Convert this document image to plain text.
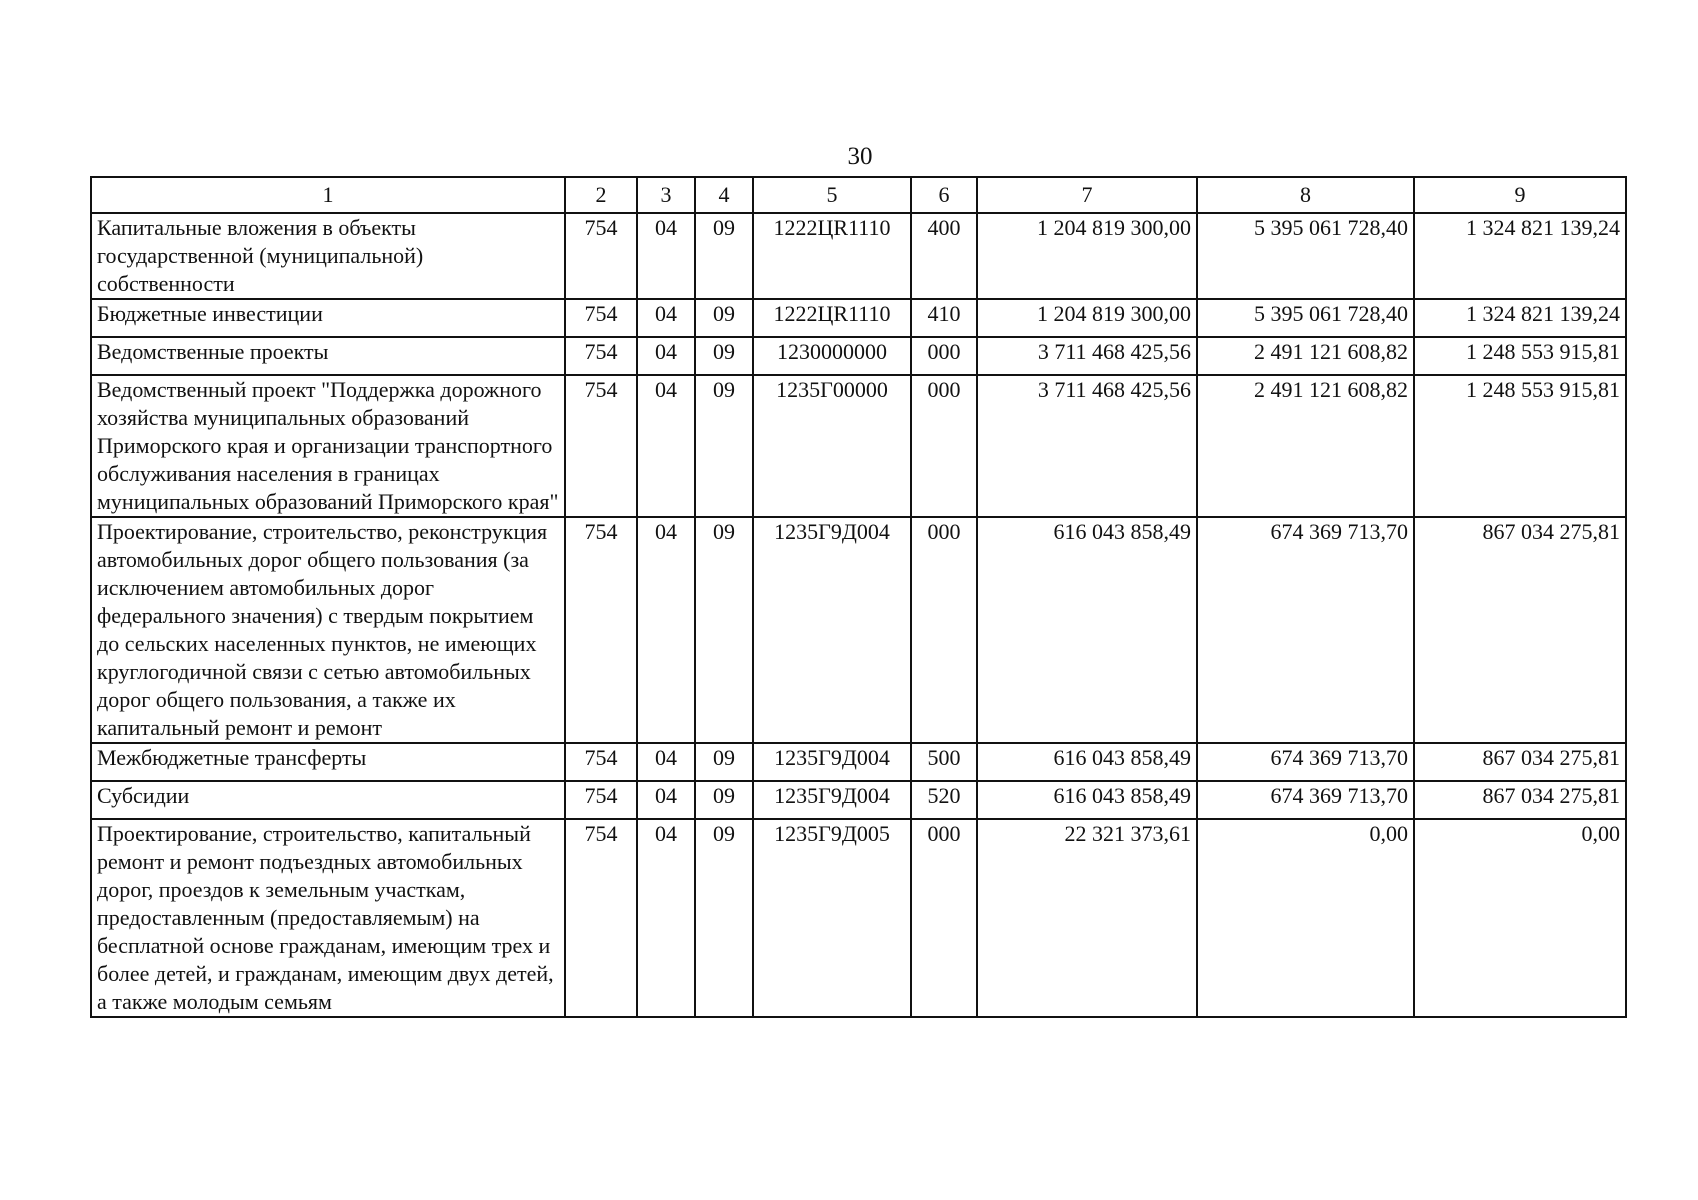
30
1	2	3	4	5	6	7	8	9
Капитальные вложения в объекты государственной (муниципальной) собственности	754	04	09	1222ЦR1110	400	1 204 819 300,00	5 395 061 728,40	1 324 821 139,24
Бюджетные инвестиции	754	04	09	1222ЦR1110	410	1 204 819 300,00	5 395 061 728,40	1 324 821 139,24
Ведомственные проекты	754	04	09	1230000000	000	3 711 468 425,56	2 491 121 608,82	1 248 553 915,81
Ведомственный проект "Поддержка дорожного хозяйства муниципальных образований Приморского края и организации транспортного обслуживания населения в границах муниципальных образований Приморского края"	754	04	09	1235Г00000	000	3 711 468 425,56	2 491 121 608,82	1 248 553 915,81
Проектирование, строительство, реконструкция автомобильных дорог общего пользования (за исключением автомобильных дорог федерального значения) с твердым покрытием до сельских населенных пунктов, не имеющих круглогодичной связи с сетью автомобильных дорог общего пользования, а также их капитальный ремонт и ремонт	754	04	09	1235Г9Д004	000	616 043 858,49	674 369 713,70	867 034 275,81
Межбюджетные трансферты	754	04	09	1235Г9Д004	500	616 043 858,49	674 369 713,70	867 034 275,81
Субсидии	754	04	09	1235Г9Д004	520	616 043 858,49	674 369 713,70	867 034 275,81
Проектирование, строительство, капитальный ремонт и ремонт подъездных автомобильных дорог, проездов к земельным участкам, предоставленным (предоставляемым) на бесплатной основе гражданам, имеющим трех и более детей, и гражданам, имеющим двух детей, а также молодым семьям	754	04	09	1235Г9Д005	000	22 321 373,61	0,00	0,00
